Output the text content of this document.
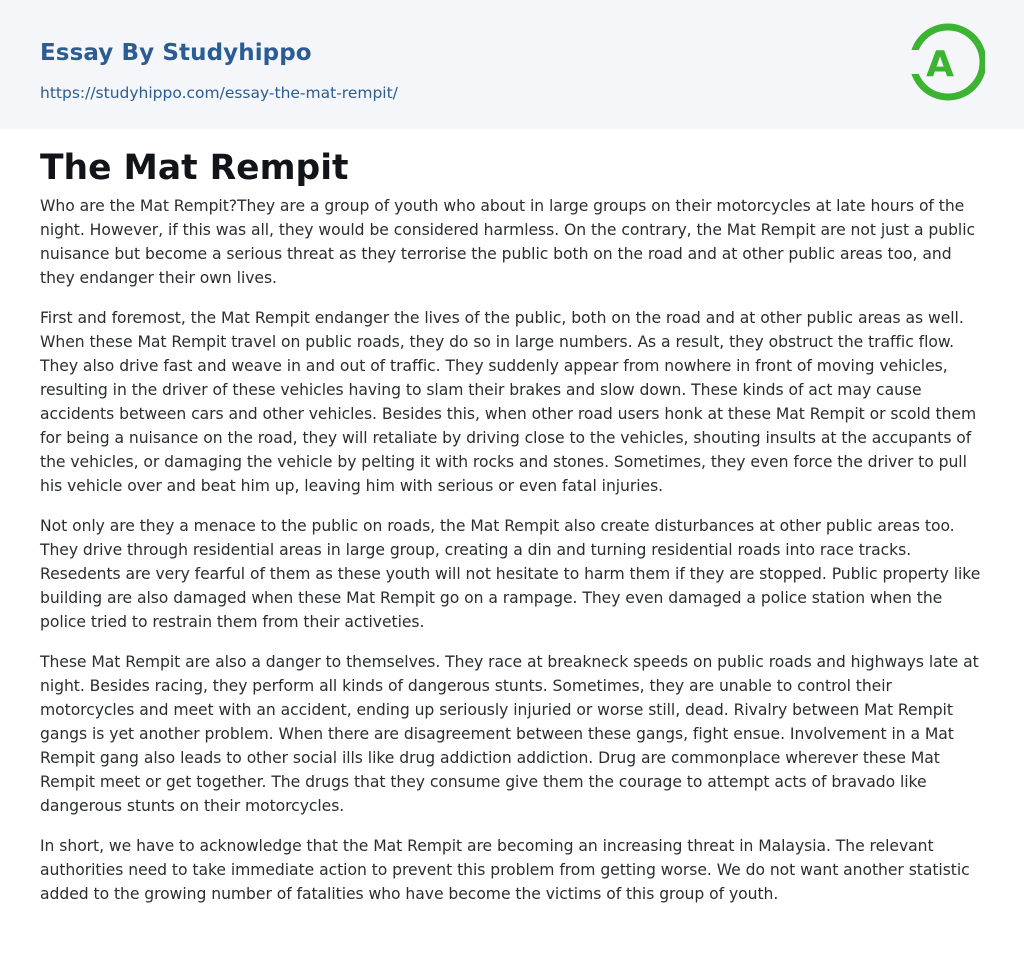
Essay By Studyhippo
https://studyhippo.com/essay-the-mat-rempit/
A
The Mat Rempit

Who are the Mat Rempit?They are a group of youth who about in large groups on their motorcycles at late hours of the night. However, if this was all, they would be considered harmless. On the contrary, the Mat Rempit are not just a public nuisance but become a serious threat as they terrorise the public both on the road and at other public areas too, and they endanger their own lives.

First and foremost, the Mat Rempit endanger the lives of the public, both on the road and at other public areas as well. When these Mat Rempit travel on public roads, they do so in large numbers. As a result, they obstruct the traffic flow. They also drive fast and weave in and out of traffic. They suddenly appear from nowhere in front of moving vehicles, resulting in the driver of these vehicles having to slam their brakes and slow down. These kinds of act may cause accidents between cars and other vehicles. Besides this, when other road users honk at these Mat Rempit or scold them for being a nuisance on the road, they will retaliate by driving close to the vehicles, shouting insults at the accupants of the vehicles, or damaging the vehicle by pelting it with rocks and stones. Sometimes, they even force the driver to pull his vehicle over and beat him up, leaving him with serious or even fatal injuries.

Not only are they a menace to the public on roads, the Mat Rempit also create disturbances at other public areas too. They drive through residential areas in large group, creating a din and turning residential roads into race tracks. Resedents are very fearful of them as these youth will not hesitate to harm them if they are stopped. Public property like building are also damaged when these Mat Rempit go on a rampage. They even damaged a police station when the police tried to restrain them from their activeties.

These Mat Rempit are also a danger to themselves. They race at breakneck speeds on public roads and highways late at night. Besides racing, they perform all kinds of dangerous stunts. Sometimes, they are unable to control their motorcycles and meet with an accident, ending up seriously injuried or worse still, dead. Rivalry between Mat Rempit gangs is yet another problem. When there are disagreement between these gangs, fight ensue. Involvement in a Mat Rempit gang also leads to other social ills like drug addiction addiction. Drug are commonplace wherever these Mat Rempit meet or get together. The drugs that they consume give them the courage to attempt acts of bravado like dangerous stunts on their motorcycles.

In short, we have to acknowledge that the Mat Rempit are becoming an increasing threat in Malaysia. The relevant authorities need to take immediate action to prevent this problem from getting worse. We do not want another statistic added to the growing number of fatalities who have become the victims of this group of youth.
